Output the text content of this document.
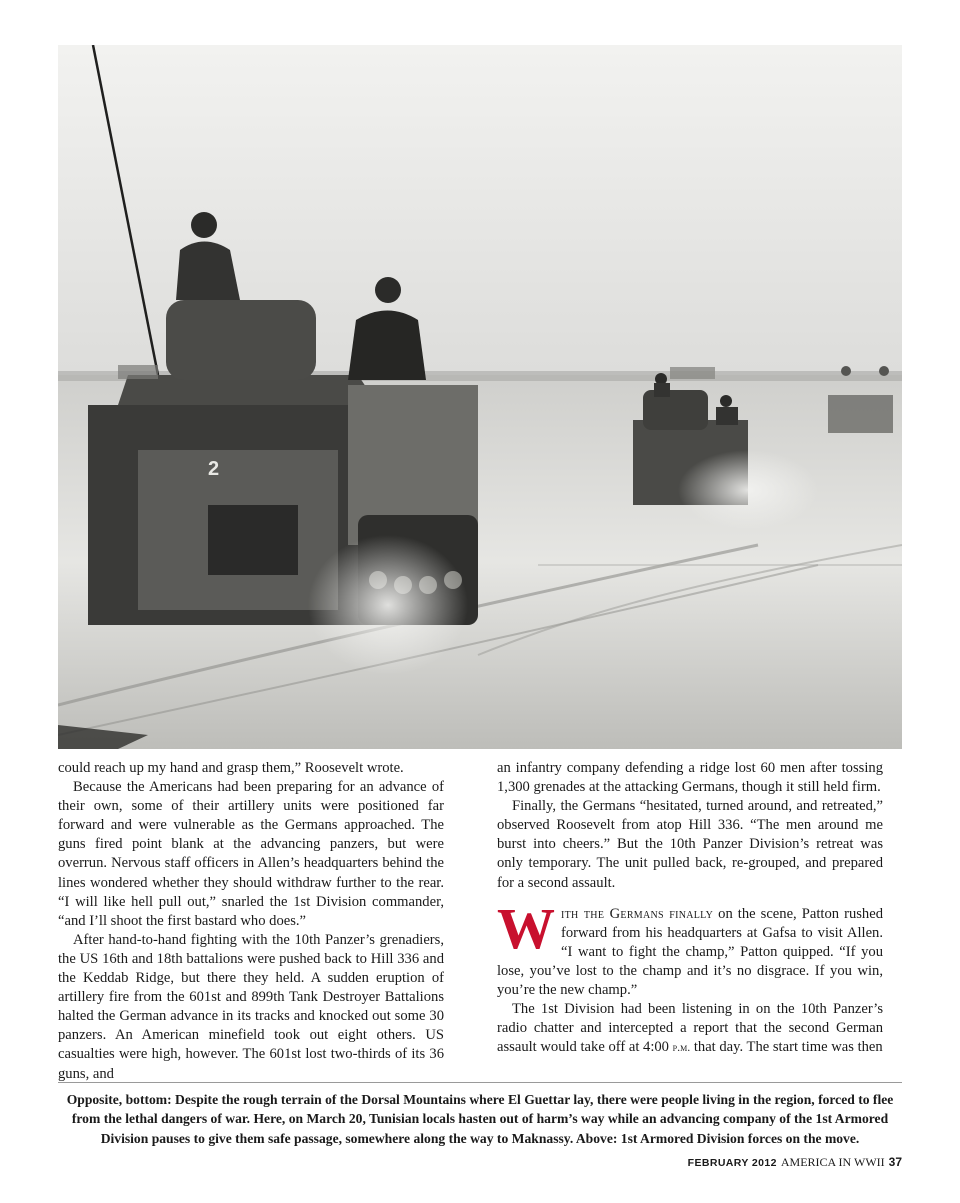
2

could reach up my hand and grasp them,” Roosevelt wrote.

Because the Americans had been preparing for an advance of their own, some of their artillery units were positioned far forward and were vulnerable as the Germans approached. The guns fired point blank at the advancing panzers, but were overrun. Nervous staff officers in Allen’s headquarters behind the lines wondered whether they should withdraw further to the rear. “I will like hell pull out,” snarled the 1st Division commander, “and I’ll shoot the first bastard who does.”

After hand-to-hand fighting with the 10th Panzer’s grenadiers, the US 16th and 18th battalions were pushed back to Hill 336 and the Keddab Ridge, but there they held. A sudden eruption of artillery fire from the 601st and 899th Tank Destroyer Battalions halted the German advance in its tracks and knocked out some 30 panzers. An American minefield took out eight others. US casualties were high, however. The 601st lost two-thirds of its 36 guns, and

an infantry company defending a ridge lost 60 men after tossing 1,300 grenades at the attacking Germans, though it still held firm.

Finally, the Germans “hesitated, turned around, and retreated,” observed Roosevelt from atop Hill 336. “The men around me burst into cheers.” But the 10th Panzer Division’s retreat was only temporary. The unit pulled back, re-grouped, and prepared for a second assault.

With the Germans finally on the scene, Patton rushed forward from his headquarters at Gafsa to visit Allen. “I want to fight the champ,” Patton quipped. “If you lose, you’ve lost to the champ and it’s no disgrace. If you win, you’re the new champ.”

The 1st Division had been listening in on the 10th Panzer’s radio chatter and intercepted a report that the second German assault would take off at 4:00 p.m. that day. The start time was then

Opposite, bottom: Despite the rough terrain of the Dorsal Mountains where El Guettar lay, there were people living in the region, forced to flee from the lethal dangers of war. Here, on March 20, Tunisian locals hasten out of harm’s way while an advancing company of the 1st Armored Division pauses to give them safe passage, somewhere along the way to Maknassy. Above: 1st Armored Division forces on the move.
FEBRUARY 2012 AMERICA IN WWII 37
